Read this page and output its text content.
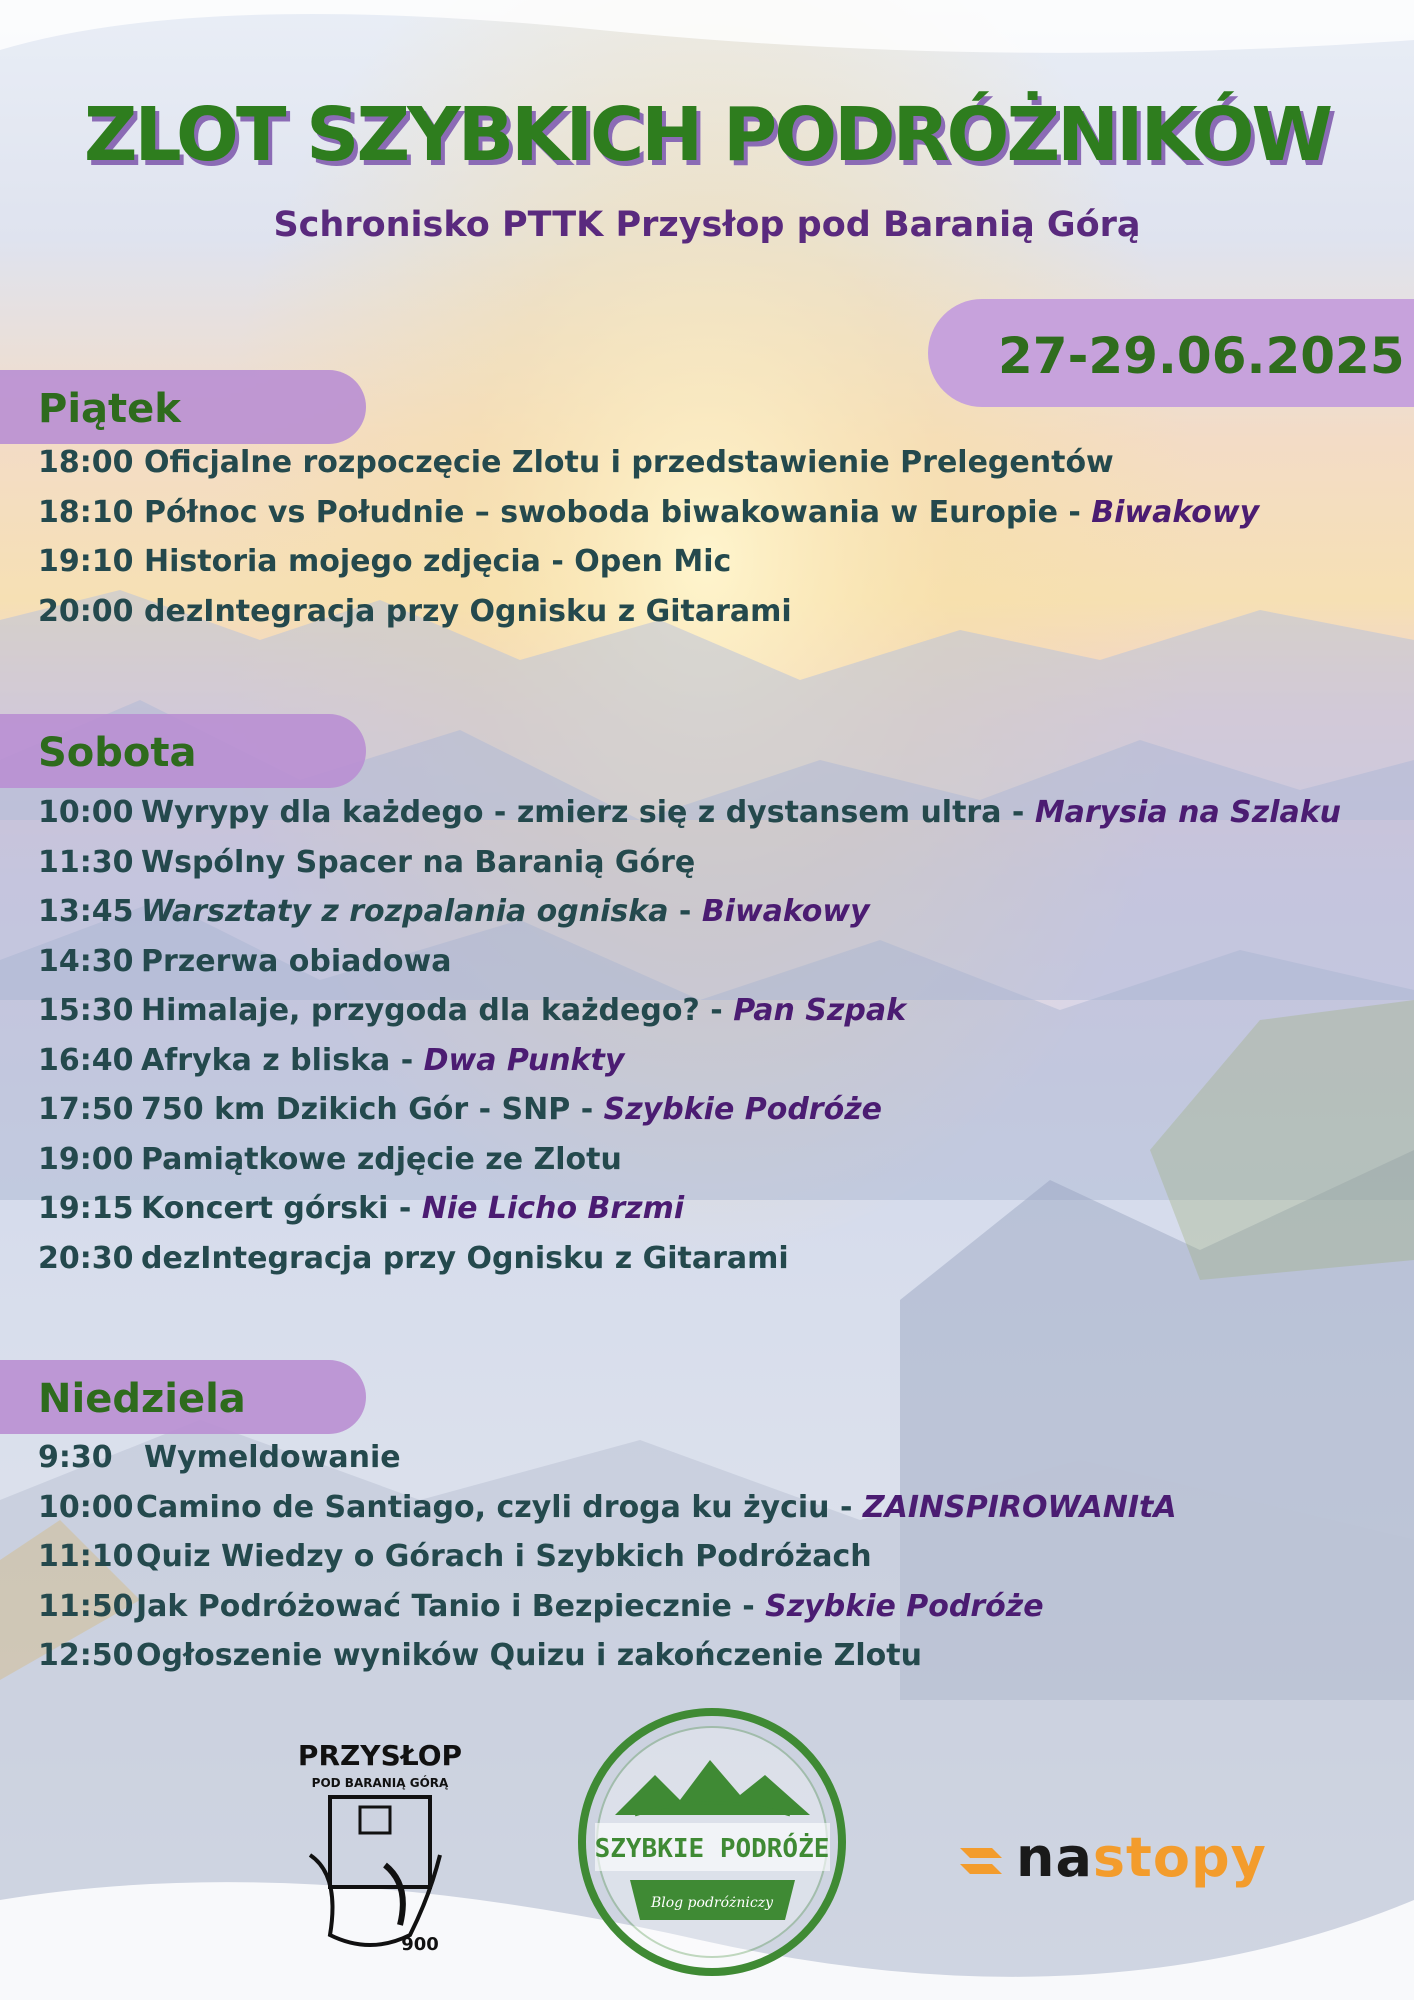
ZLOT SZYBKICH PODRÓŻNIKÓW
Schronisko PTTK Przysłop pod Baranią Górą
27-29.06.2025
Piątek
Sobota
Niedziela
18:00 Oficjalne rozpoczęcie Zlotu i przedstawienie Prelegentów
18:10 Północ vs Południe – swoboda biwakowania w Europie - Biwakowy
19:10 Historia mojego zdjęcia - Open Mic
20:00 dezIntegracja przy Ognisku z Gitarami
10:00 Wyrypy dla każdego - zmierz się z dystansem ultra - Marysia na Szlaku
11:30 Wspólny Spacer na Baranią Górę
13:45 Warsztaty z rozpalania ogniska - Biwakowy
14:30 Przerwa obiadowa
15:30 Himalaje, przygoda dla każdego? - Pan Szpak
16:40 Afryka z bliska - Dwa Punkty
17:50 750 km Dzikich Gór - SNP - Szybkie Podróże
19:00 Pamiątkowe zdjęcie ze Zlotu
19:15 Koncert górski - Nie Licho Brzmi
20:30 dezIntegracja przy Ognisku z Gitarami
9:30 Wymeldowanie
10:00 Camino de Santiago, czyli droga ku życiu - ZAINSPIROWANItA
11:10 Quiz Wiedzy o Górach i Szybkich Podróżach
11:50 Jak Podróżować Tanio i Bezpiecznie - Szybkie Podróże
12:50 Ogłoszenie wyników Quizu i zakończenie Zlotu
PRZYSŁOP
POD BARANIĄ GÓRĄ
900
SZYBKIE PODRÓŻE
Blog podróżniczy
nastopy
